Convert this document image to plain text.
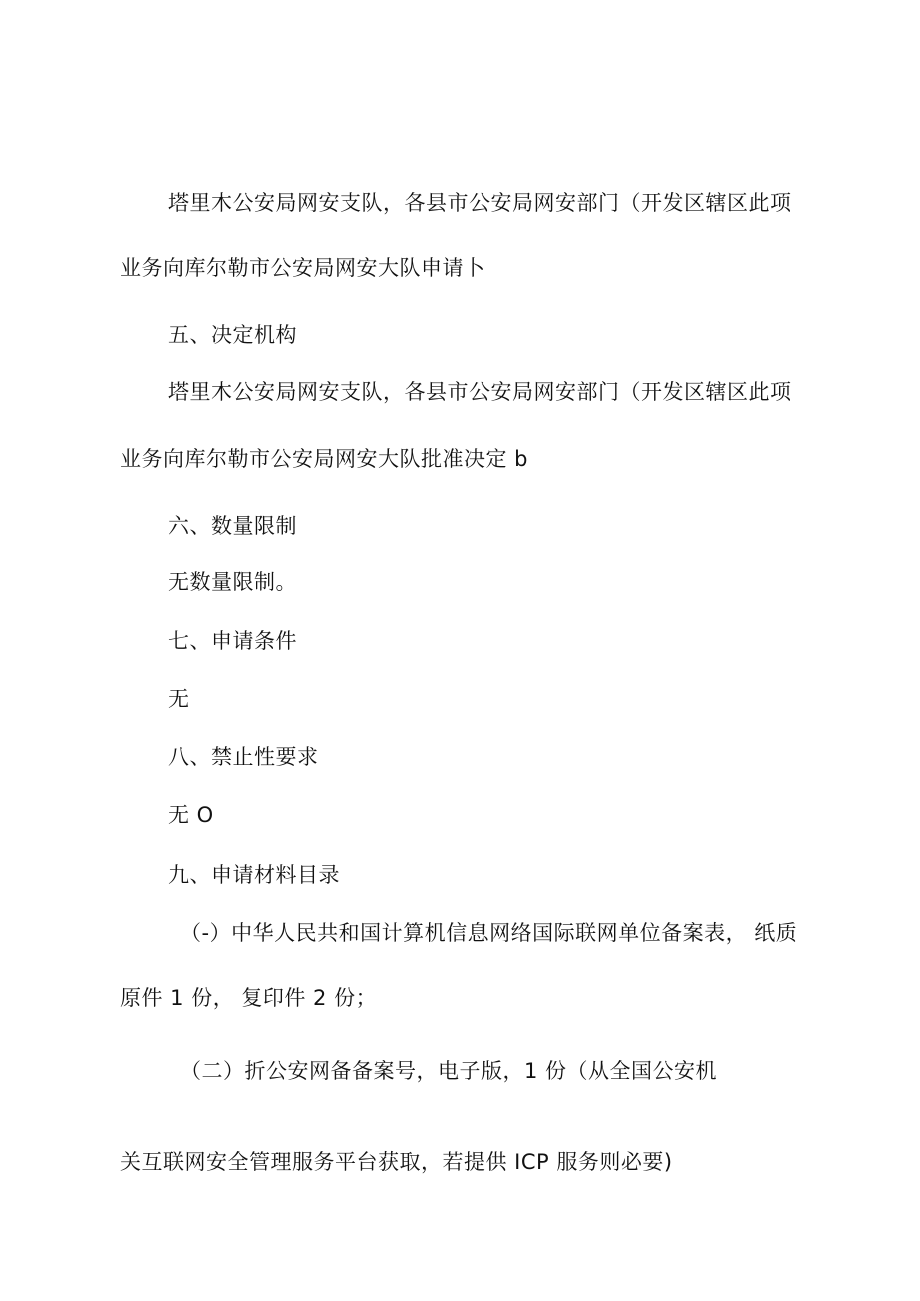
塔里木公安局网安支队，各县市公安局网安部门（开发区辖区此项
业务向库尔勒市公安局网安大队申请卜
五、决定机构
塔里木公安局网安支队，各县市公安局网安部门（开发区辖区此项
业务向库尔勒市公安局网安大队批准决定 b
六、数量限制
无数量限制。
七、申请条件
无
八、禁止性要求
无 O
九、申请材料目录
（-）中华人民共和国计算机信息网络国际联网单位备案表， 纸质
原件 1 份， 复印件 2 份；
（二）折公安网备备案号，电子版，1 份（从全国公安机
关互联网安全管理服务平台获取，若提供 ICP 服务则必要)
